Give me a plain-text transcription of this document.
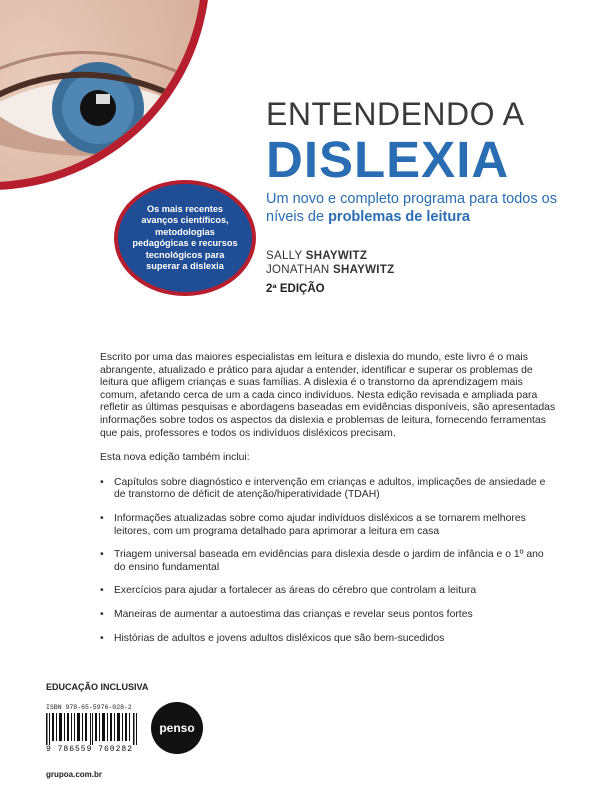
Os mais recentes avanços científicos, metodologias pedagógicas e recursos tecnológicos para superar a dislexia
ENTENDENDO A
DISLEXIA
Um novo e completo programa para todos os níveis de problemas de leitura
SALLY SHAYWITZ
JONATHAN SHAYWITZ
2ª EDIÇÃO

Escrito por uma das maiores especialistas em leitura e dislexia do mundo, este livro é o mais abrangente, atualizado e prático para ajudar a entender, identificar e superar os problemas de leitura que afligem crianças e suas famílias. A dislexia é o transtorno da aprendizagem mais comum, afetando cerca de um a cada cinco indivíduos. Nesta edição revisada e ampliada para refletir as últimas pesquisas e abordagens baseadas em evidências disponíveis, são apresentadas informações sobre todos os aspectos da dislexia e problemas de leitura, fornecendo ferramentas que pais, professores e todos os indivíduos disléxicos precisam.

Esta nova edição também inclui:

• Capítulos sobre diagnóstico e intervenção em crianças e adultos, implicações de ansiedade e de transtorno de déficit de atenção/hiperatividade (TDAH)
• Informações atualizadas sobre como ajudar indivíduos disléxicos a se tornarem melhores leitores, com um programa detalhado para aprimorar a leitura em casa
• Triagem universal baseada em evidências para dislexia desde o jardim de infância e o 1º ano do ensino fundamental
• Exercícios para ajudar a fortalecer as áreas do cérebro que controlam a leitura
• Maneiras de aumentar a autoestima das crianças e revelar seus pontos fortes
• Histórias de adultos e jovens adultos disléxicos que são bem-sucedidos
EDUCAÇÃO INCLUSIVA
ISBN 978-65-5976-028-2
9 786559 760282
penso
grupoa.com.br
